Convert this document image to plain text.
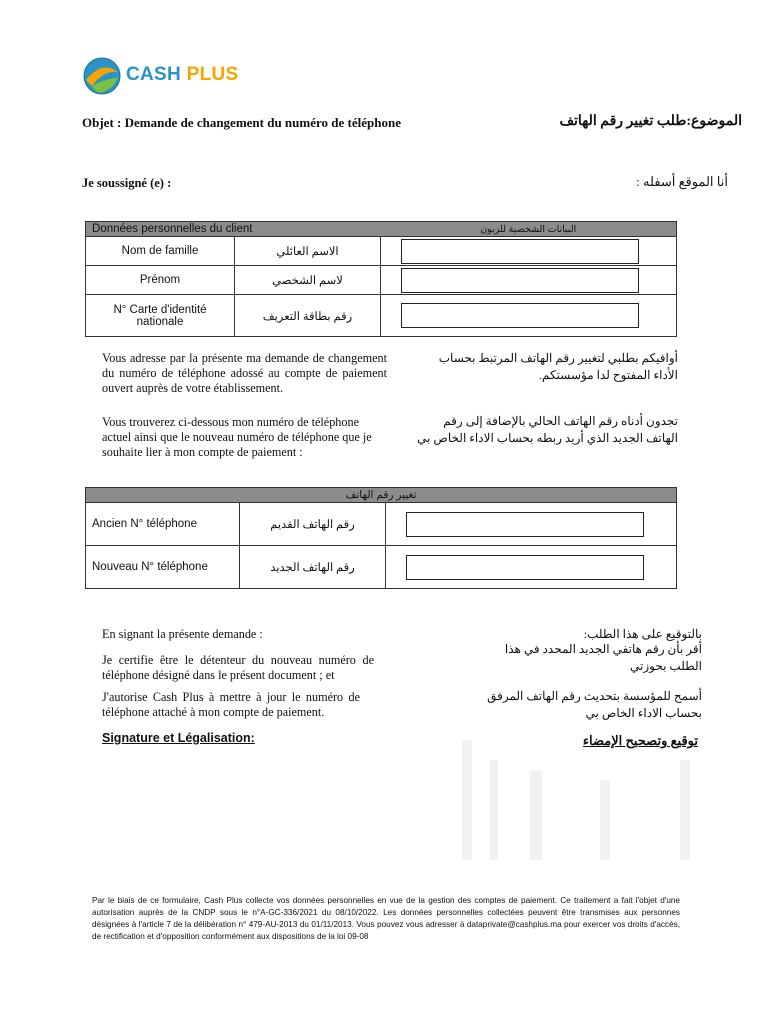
CASH PLUS
Objet : Demande de changement du numéro de téléphone	الموضوع:طلب تغيير رقم الهاتف
Je soussigné (e) :	أنا الموقع أسفله :
Données personnelles du client		البيانات الشخصية للزبون
Nom de famille	الاسم العائلي	

Prénom	لاسم الشخصي	

N° Carte d'identité nationale	رقم بطاقة التعريف	
Vous adresse par la présente ma demande de changement du numéro de téléphone adossé au compte de paiement ouvert auprès de votre établissement.
أوافيكم بطلبي لتغيير رقم الهاتف المرتبط بحساب الأداء المفتوح لدا مؤسستكم.
Vous trouverez ci-dessous mon numéro de téléphone actuel ainsi que le nouveau numéro de téléphone que je souhaite lier à mon compte de paiement :
تجدون أدناه رقم الهاتف الحالي بالإضافة إلى رقم الهاتف الجديد الذي أريد ربطه بحساب الاداء الخاص بي
تغيير رقم الهاتف		
Ancien N° téléphone	رقم الهاتف القديم	

Nouveau N° téléphone	رقم الهاتف الجديد	
En signant la présente demande :
Je certifie être le détenteur du nouveau numéro de téléphone désigné dans le présent document ; et
J'autorise Cash Plus à mettre à jour le numéro de téléphone attaché à mon compte de paiement.
بالتوقيع على هذا الطلب:
أقر بأن رقم هاتفي الجديد المحدد في هذا الطلب بحوزتي
أسمح للمؤسسة بتحديث رقم الهاتف المرفق بحساب الاداء الخاص بي
Signature et Légalisation:	توقيع وتصحيح الإمضاء
Par le biais de ce formulaire, Cash Plus collecte vos données personnelles en vue de la gestion des comptes de paiement. Ce traitement a fait l'objet d'une autorisation auprès de la CNDP sous le n°A-GC-336/2021 du 08/10/2022. Les données personnelles collectées peuvent être transmises aux personnes désignées à l'article 7 de la délibération n° 479-AU-2013 du 01/11/2013. Vous pouvez vous adresser à dataprivate@cashplus.ma pour exercer vos droits d'accès, de rectification et d'opposition conformément aux dispositions de la loi 09-08
